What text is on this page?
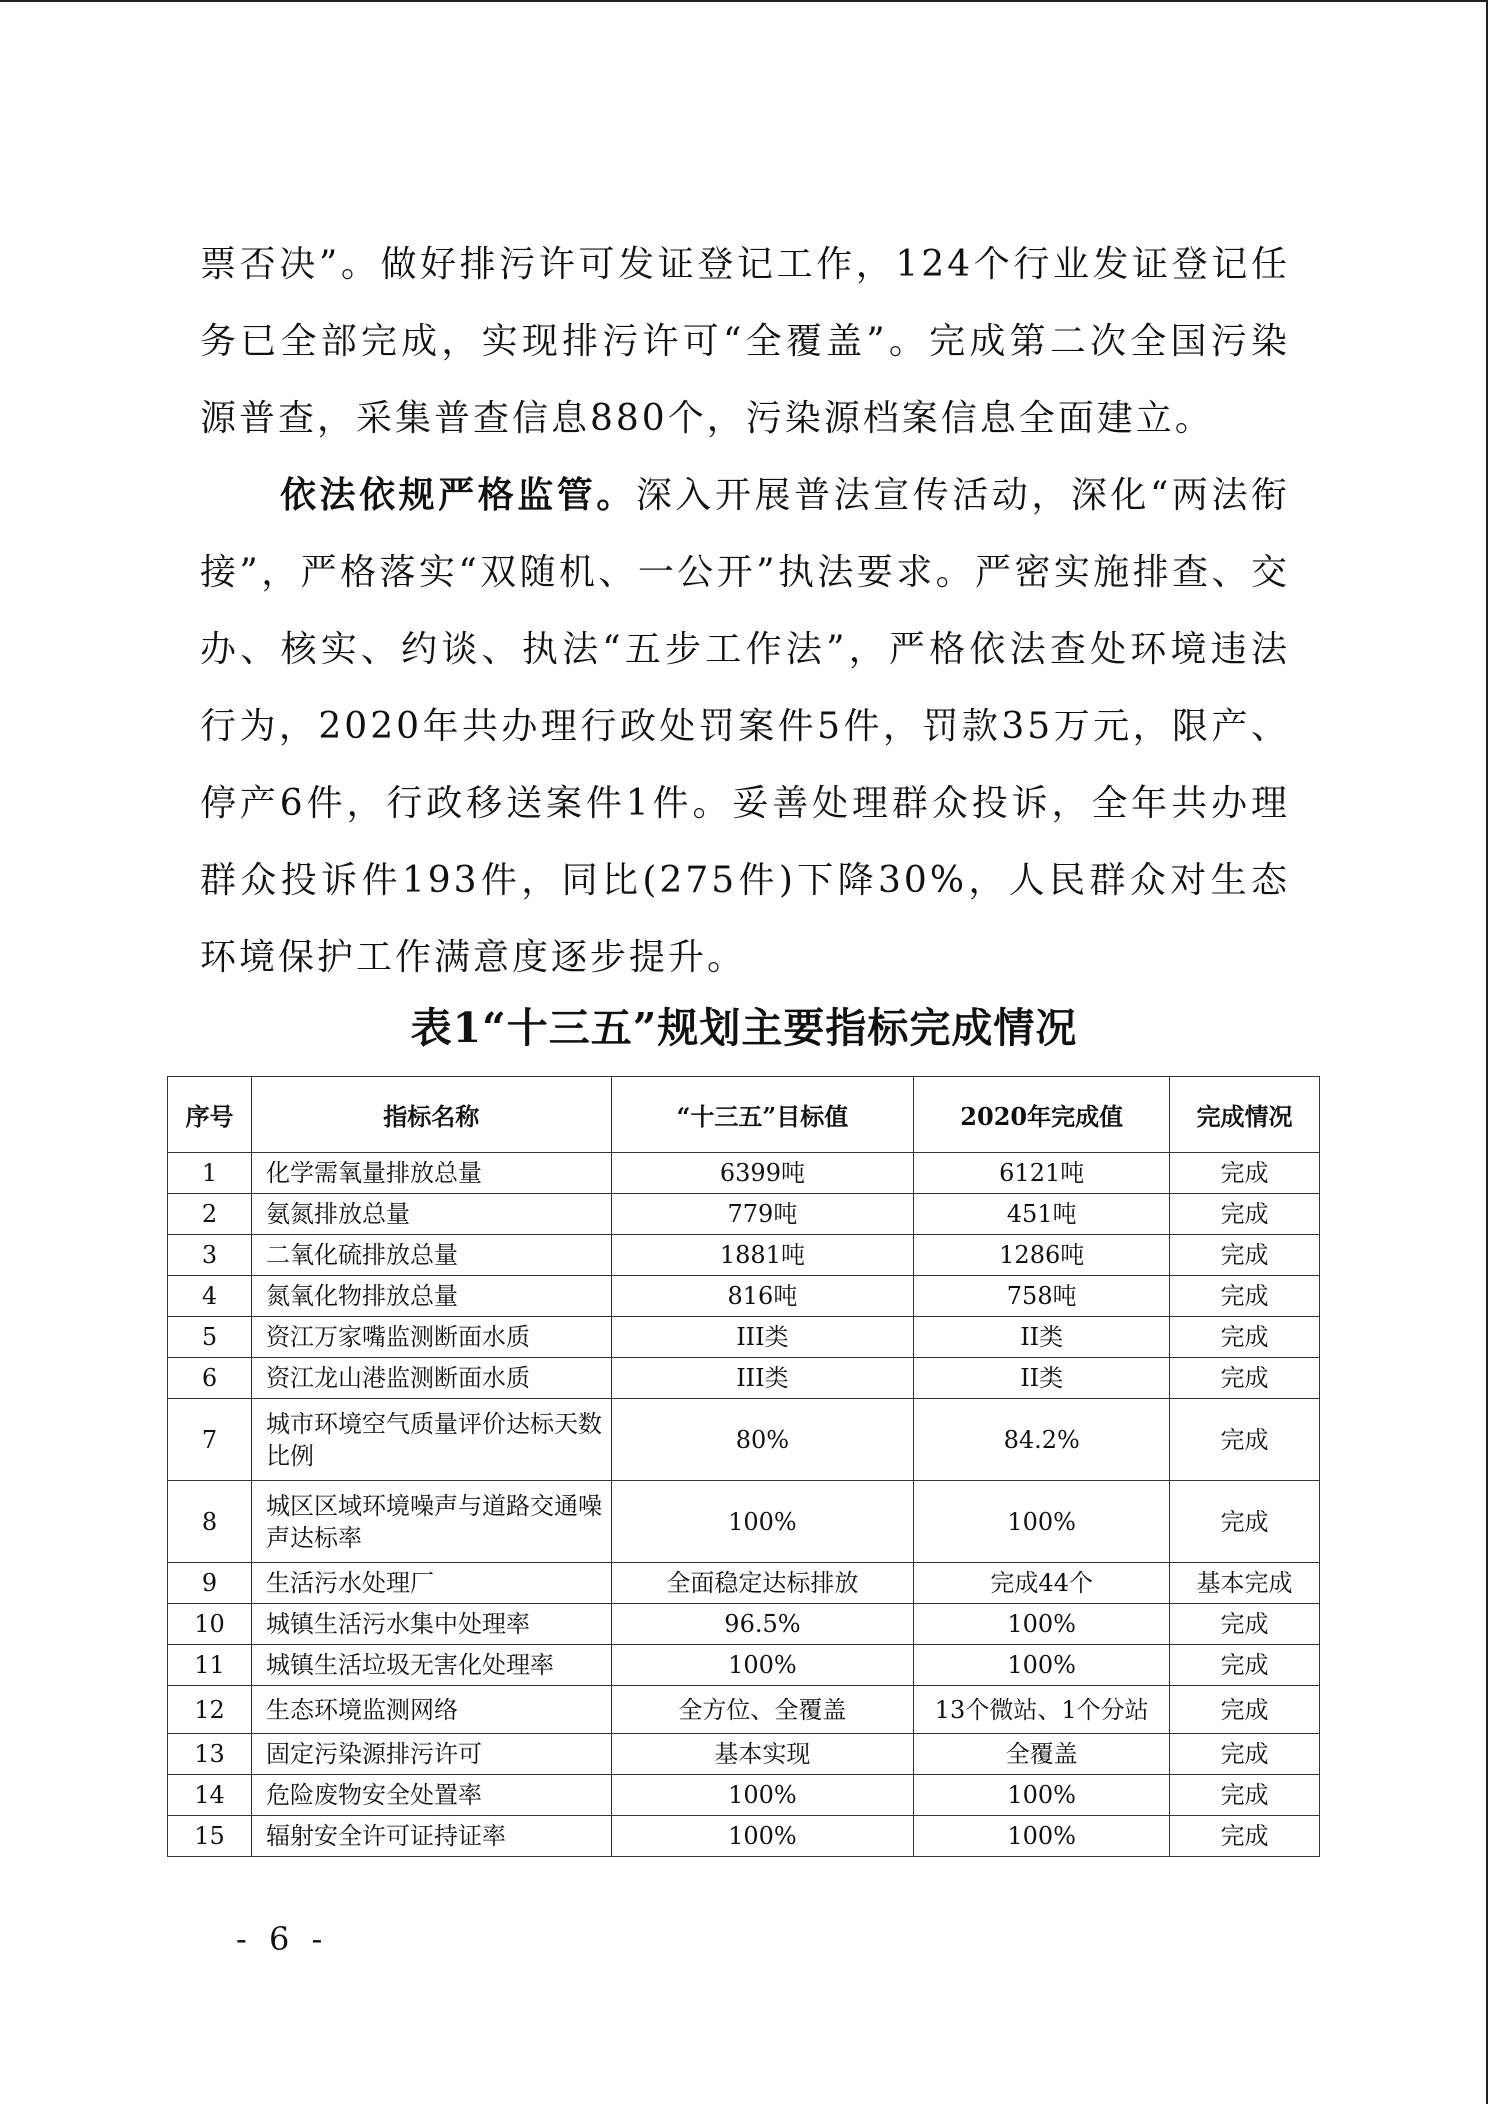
票否决”。做好排污许可发证登记工作，124个行业发证登记任务已全部完成，实现排污许可“全覆盖”。完成第二次全国污染源普查，采集普查信息880个，污染源档案信息全面建立。

依法依规严格监管。深入开展普法宣传活动，深化“两法衔接”，严格落实“双随机、一公开”执法要求。严密实施排查、交办、核实、约谈、执法“五步工作法”，严格依法查处环境违法行为，2020年共办理行政处罚案件5件，罚款35万元，限产、停产6件，行政移送案件1件。妥善处理群众投诉，全年共办理群众投诉件193件，同比(275件)下降30%，人民群众对生态环境保护工作满意度逐步提升。

表1“十三五”规划主要指标完成情况
序号	指标名称	“十三五”目标值	2020年完成值	完成情况
1	化学需氧量排放总量	6399吨	6121吨	完成
2	氨氮排放总量	779吨	451吨	完成
3	二氧化硫排放总量	1881吨	1286吨	完成
4	氮氧化物排放总量	816吨	758吨	完成
5	资江万家嘴监测断面水质	III类	II类	完成
6	资江龙山港监测断面水质	III类	II类	完成
7	城市环境空气质量评价达标天数比例	80%	84.2%	完成
8	城区区域环境噪声与道路交通噪声达标率	100%	100%	完成
9	生活污水处理厂	全面稳定达标排放	完成44个	基本完成
10	城镇生活污水集中处理率	96.5%	100%	完成
11	城镇生活垃圾无害化处理率	100%	100%	完成
12	生态环境监测网络	全方位、全覆盖	13个微站、1个分站	完成
13	固定污染源排污许可	基本实现	全覆盖	完成
14	危险废物安全处置率	100%	100%	完成
15	辐射安全许可证持证率	100%	100%	完成
- 6 -
